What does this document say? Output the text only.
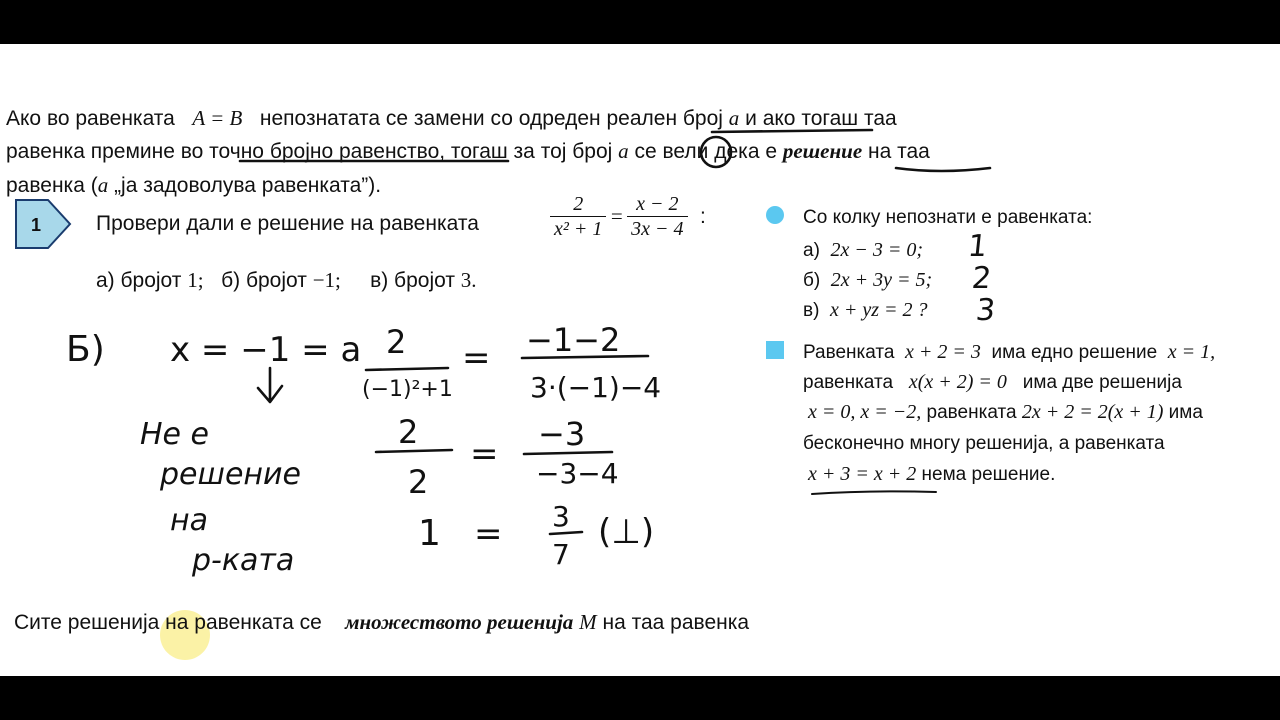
Ако во равенката A = B непознатата се замени со одреден реален број a и ако тогаш таа
равенка премине во точно бројно равенство, тогаш за тој број a се вели дека е решение на таа
равенка (a „ја задоволува равенката”).
1	Провери дали е решение на равенката	$\frac{2}{\text{x² + 1}} = \frac{x - 2}{3x - 4}$ :
а) бројот 1; б) бројот −1; в) бројот 3.
Со колку непознати е равенката:
а) 2x − 3 = 0;
б) 2x + 3y = 5;
в) x + yz = 2 ?
1
2
3
Равенката x + 2 = 3 има едно решение x = 1,
равенката x(x + 2) = 0 има две решенија
x = 0, x = −2, равенката 2x + 2 = 2(x + 1) има
бесконечно многу решенија, а равенката
x + 3 = x + 2 нема решение.
Б) x = −1 = a 2
(−1)²+1
= −1−2
3·(−1)−4
Не е
решение
на
р-ката
2
2
= −3
−3−4
1 = 3
7
(⊥)
Сите решенија на равенката се множеството решенија M на таа равенка
